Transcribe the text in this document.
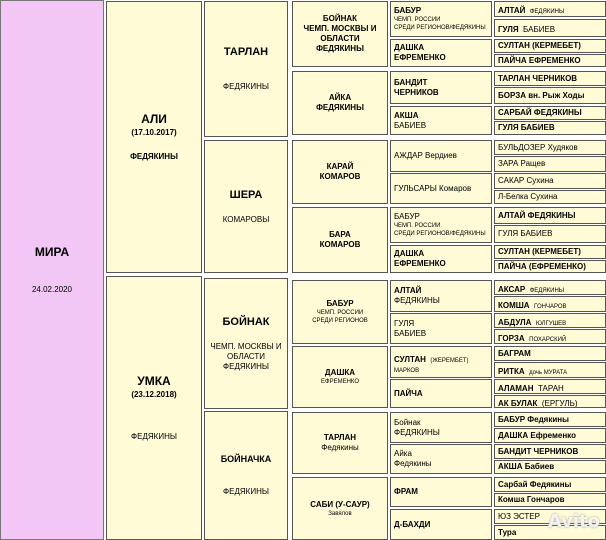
МИРА
24.02.2020
АЛИ
(17.10.2017)
ФЕДЯКИНЫ
УМКА
(23.12.2018)
ФЕДЯКИНЫ
ТАРЛАН
ФЕДЯКИНЫ
ШЕРА
КОМАРОВЫ
БОЙНАК
ЧЕМП. МОСКВЫ И
ОБЛАСТИ
ФЕДЯКИНЫ
БОЙНАЧКА
ФЕДЯКИНЫ
БОЙНАК
ЧЕМП. МОСКВЫ И
ОБЛАСТИ
ФЕДЯКИНЫ
АЙКА
ФЕДЯКИНЫ
КАРАЙ
КОМАРОВ
БАРА
КОМАРОВ
БАБУР
ЧЕМП. РОССИИ
СРЕДИ РЕГИОНОВ
ДАШКА
ЕФРЕМЕНКО
ТАРЛАН
Федякины
САБИ (У-САУР)
Завялов
БАБУР
ЧЕМП. РОССИИ
СРЕДИ РЕГИОНОВ/ФЕДЯКИНЫ
ДАШКА
ЕФРЕМЕНКО
БАНДИТ
ЧЕРНИКОВ
АКША
БАБИЕВ
АЖДАР Вердиев
ГУЛЬСАРЫ Комаров
БАБУР
ЧЕМП. РОССИИ
СРЕДИ РЕГИОНОВ/ФЕДЯКИНЫ
ДАШКА
ЕФРЕМЕНКО
АЛТАЙ
ФЕДЯКИНЫ
ГУЛЯ
БАБИЕВ
СУЛТАН (ЖЕРЕМБЕТ)
МАРКОВ
ПАЙЧА
Бойнак
ФЕДЯКИНЫ
Айка
Федякины
ФРАМ
Д-БАХДИ
АЛТАЙ ФЕДЯКИНЫ
ГУЛЯ БАБИЕВ
СУЛТАН (КЕРМЕБЕТ)
ПАЙЧА ЕФРЕМЕНКО
ТАРЛАН ЧЕРНИКОВ
БОРЗА вн. Рыж Ходы
САРБАЙ ФЕДЯКИНЫ
ГУЛЯ БАБИЕВ
БУЛЬДОЗЕР Худяков
ЗАРА Ращев
САКАР Сухина
Л-Белка Сухина
АЛТАЙ ФЕДЯКИНЫ
ГУЛЯ БАБИЕВ
СУЛТАН (КЕРМЕБЕТ)
ПАЙЧА (ЕФРЕМЕНКО)
АКСАР ФЕДЯКИНЫ
КОМША ГОНЧАРОВ
АБДУЛА ЮЛГУШЕВ
ГОРЗА ПОХАРСКИЙ
БАГРАМ
РИТКА дочь МУРАТА
АЛАМАН ТАРАН
АК БУЛАК (ЕРГУЛЬ)
БАБУР Федякины
ДАШКА Ефременко
БАНДИТ ЧЕРНИКОВ
АКША Бабиев
Сарбай Федякины
Комша Гончаров
ЮЗ ЭСТЕР
Тура Avito
